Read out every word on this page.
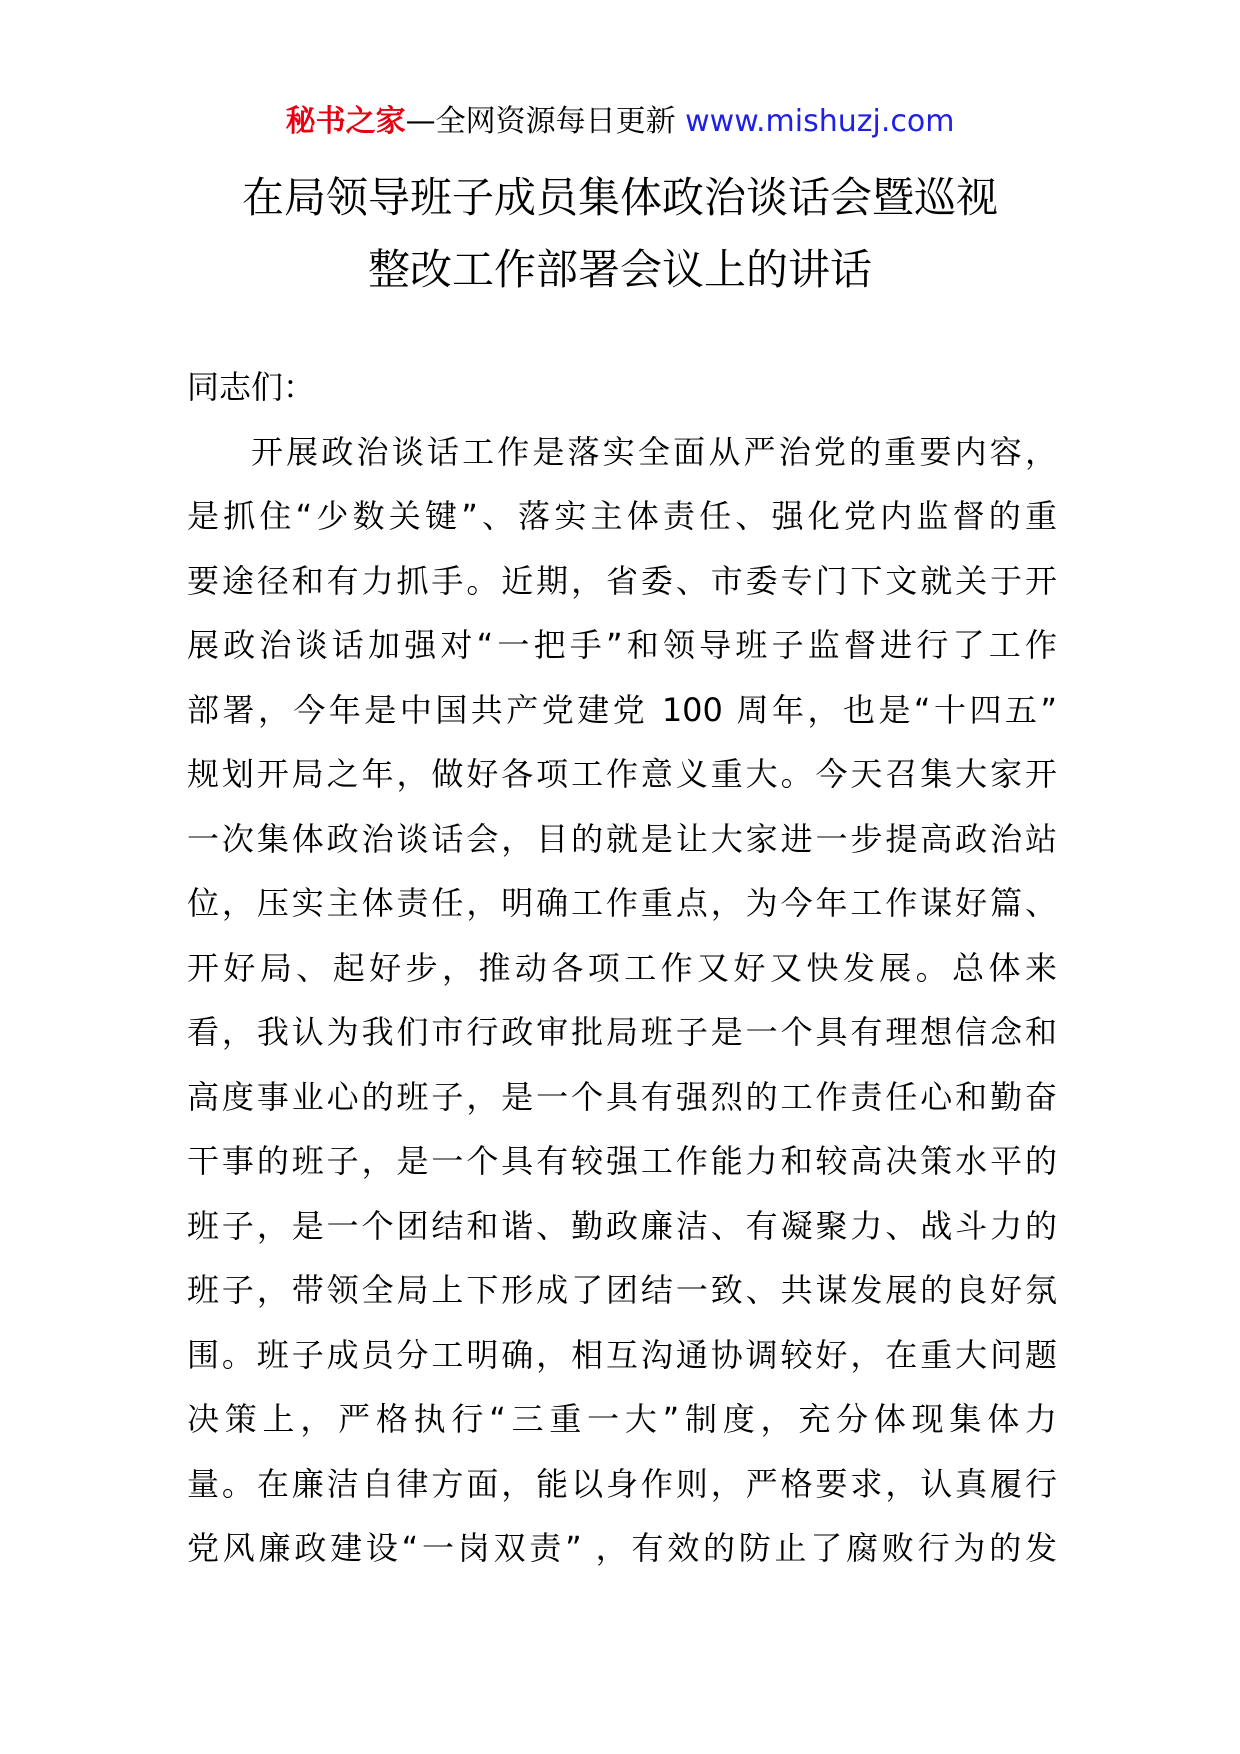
秘书之家—全网资源每日更新 www.mishuzj.com
在局领导班子成员集体政治谈话会暨巡视
整改工作部署会议上的讲话
同志们：
开展政治谈话工作是落实全面从严治党的重要内容，
是抓住“少数关键”、落实主体责任、强化党内监督的重
要途径和有力抓手。近期，省委、市委专门下文就关于开
展政治谈话加强对“一把手”和领导班子监督进行了工作
部署，今年是中国共产党建党 100 周年，也是“十四五”
规划开局之年，做好各项工作意义重大。今天召集大家开
一次集体政治谈话会，目的就是让大家进一步提高政治站
位，压实主体责任，明确工作重点，为今年工作谋好篇、
开好局、起好步，推动各项工作又好又快发展。总体来
看，我认为我们市行政审批局班子是一个具有理想信念和
高度事业心的班子，是一个具有强烈的工作责任心和勤奋
干事的班子，是一个具有较强工作能力和较高决策水平的
班子，是一个团结和谐、勤政廉洁、有凝聚力、战斗力的
班子，带领全局上下形成了团结一致、共谋发展的良好氛
围。班子成员分工明确，相互沟通协调较好，在重大问题
决策上，严格执行“三重一大”制度，充分体现集体力
量。在廉洁自律方面，能以身作则，严格要求，认真履行
党风廉政建设“一岗双责” ，有效的防止了腐败行为的发
